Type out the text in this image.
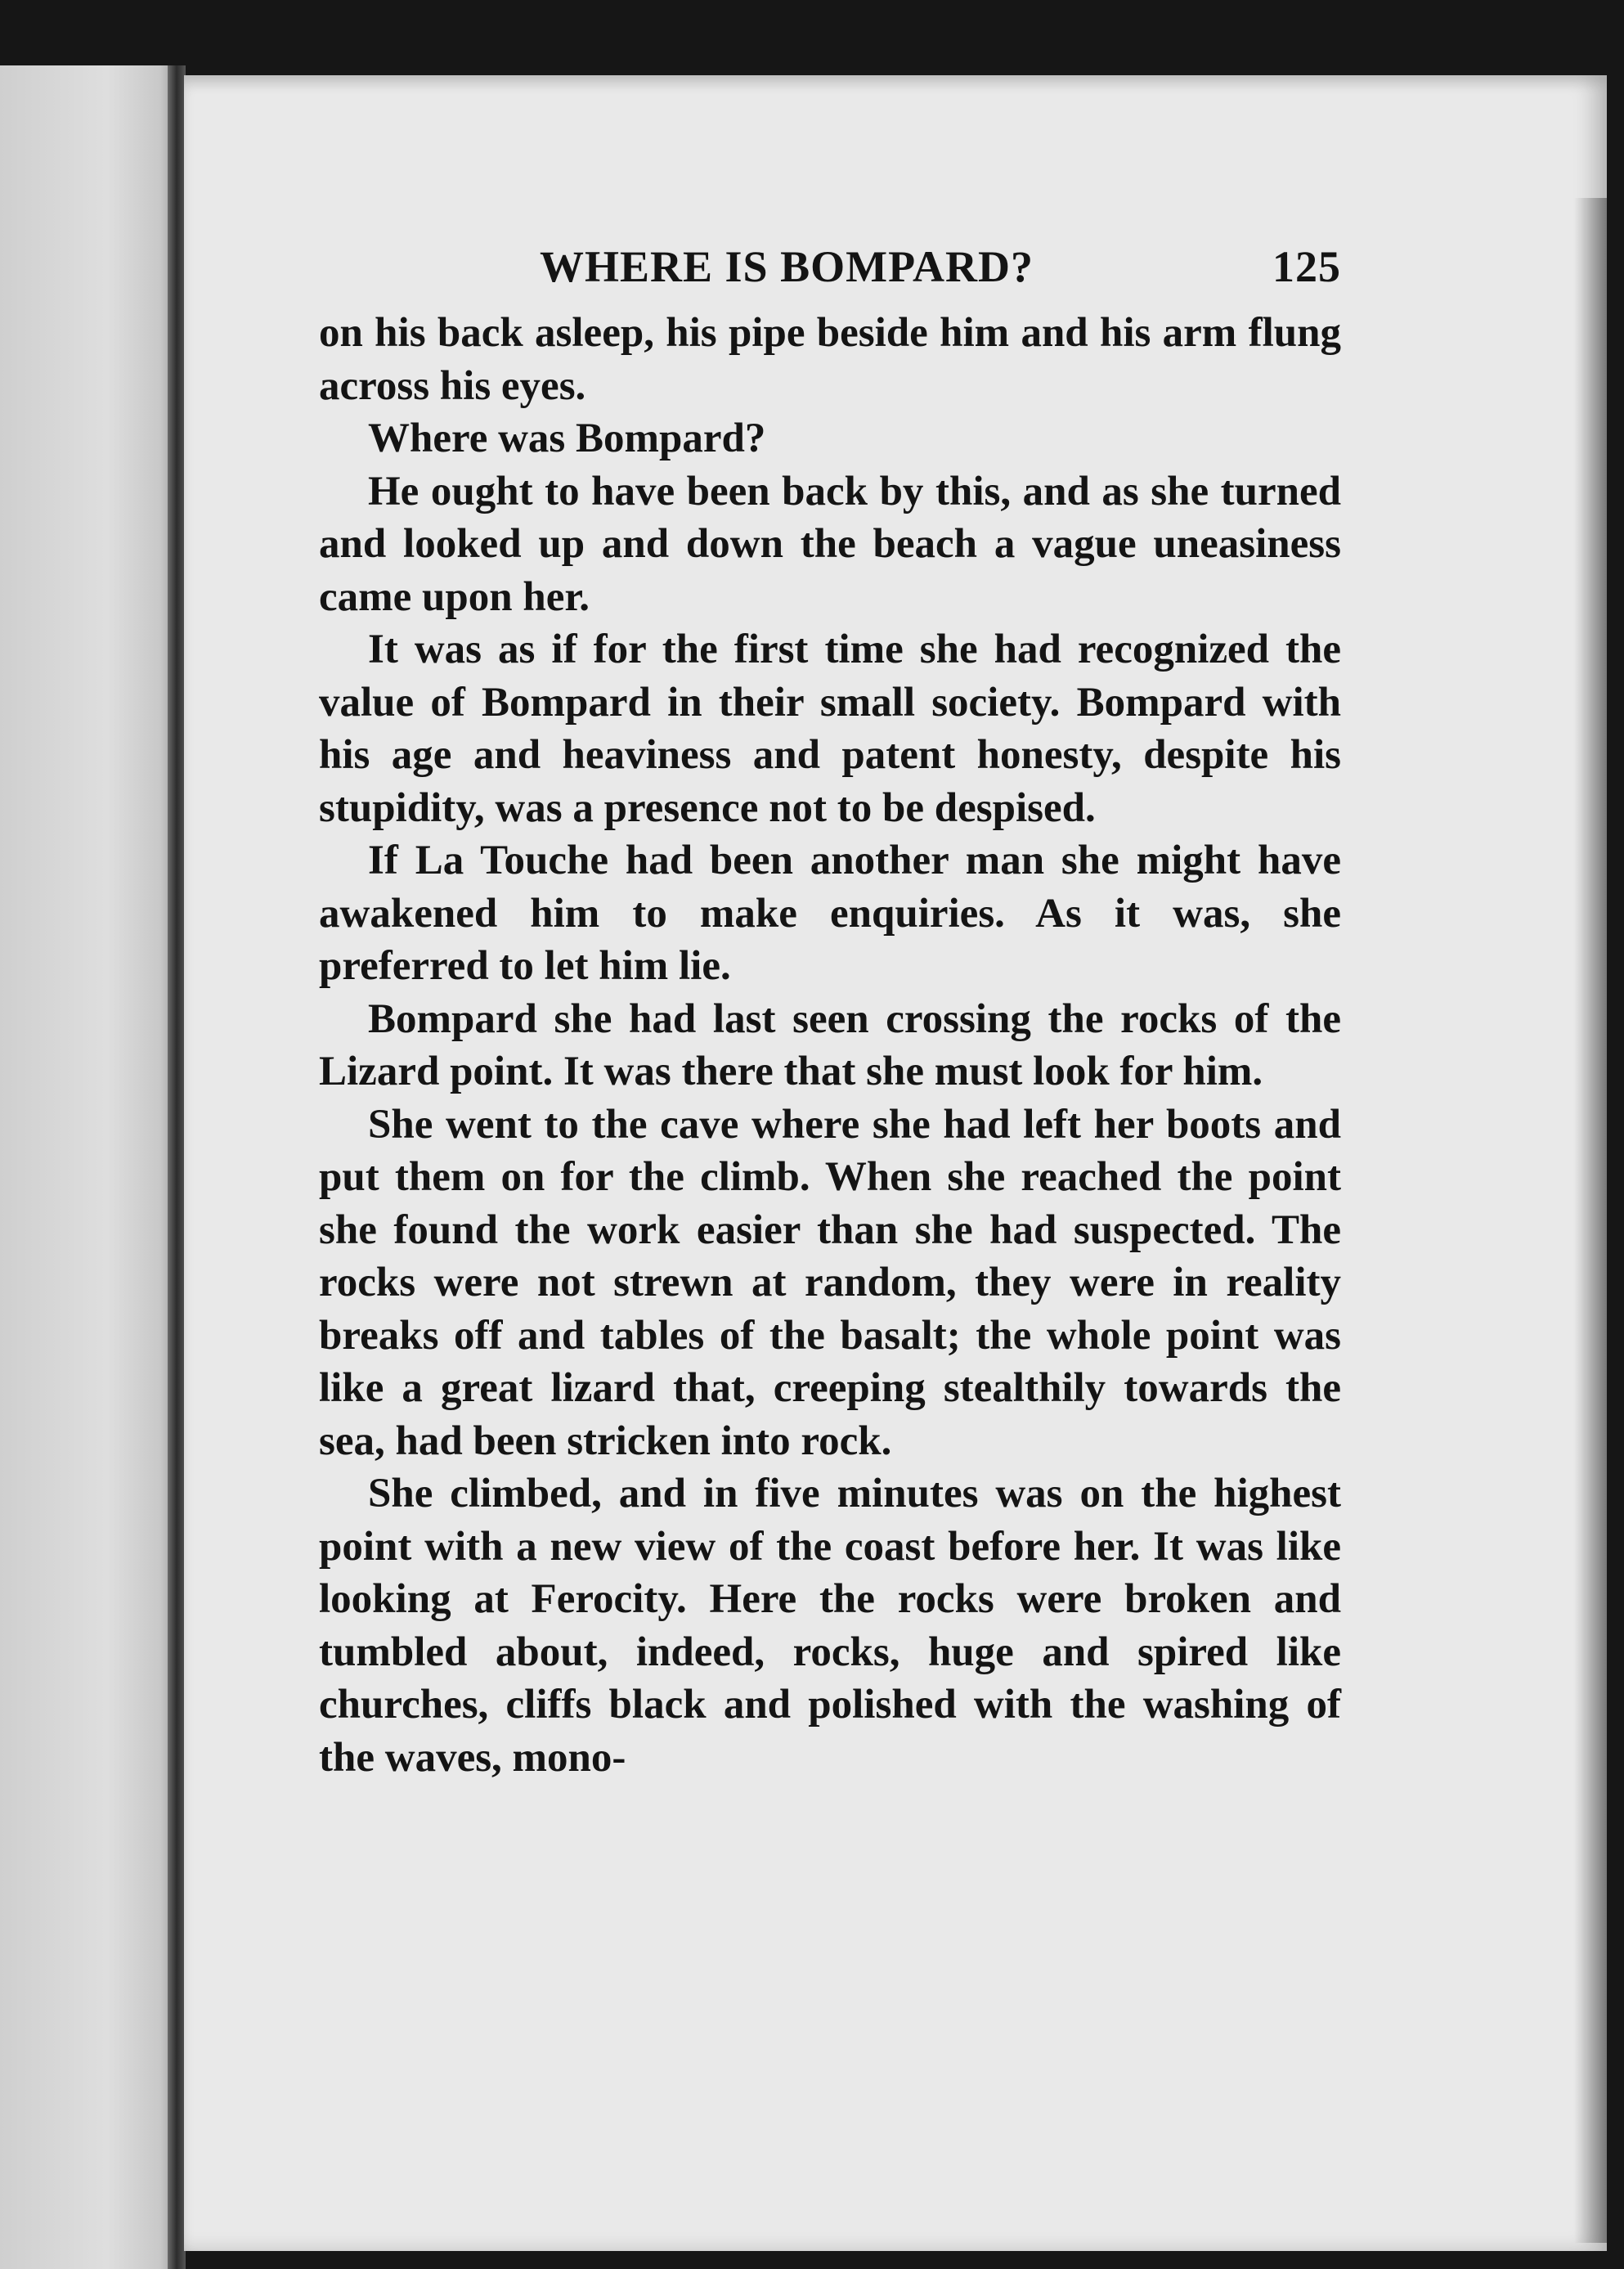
WHERE IS BOMPARD?	125

on his back asleep, his pipe beside him and his arm flung across his eyes.

Where was Bompard?

He ought to have been back by this, and as she turned and looked up and down the beach a vague uneasiness came upon her.

It was as if for the first time she had recognized the value of Bompard in their small society. Bompard with his age and heaviness and patent honesty, despite his stupidity, was a presence not to be despised.

If La Touche had been another man she might have awakened him to make enquiries. As it was, she preferred to let him lie.

Bompard she had last seen crossing the rocks of the Lizard point. It was there that she must look for him.

She went to the cave where she had left her boots and put them on for the climb. When she reached the point she found the work easier than she had suspected. The rocks were not strewn at random, they were in reality breaks off and tables of the basalt; the whole point was like a great lizard that, creeping stealthily towards the sea, had been stricken into rock.

She climbed, and in five minutes was on the highest point with a new view of the coast before her. It was like looking at Ferocity. Here the rocks were broken and tumbled about, indeed, rocks, huge and spired like churches, cliffs black and polished with the washing of the waves, mono-
